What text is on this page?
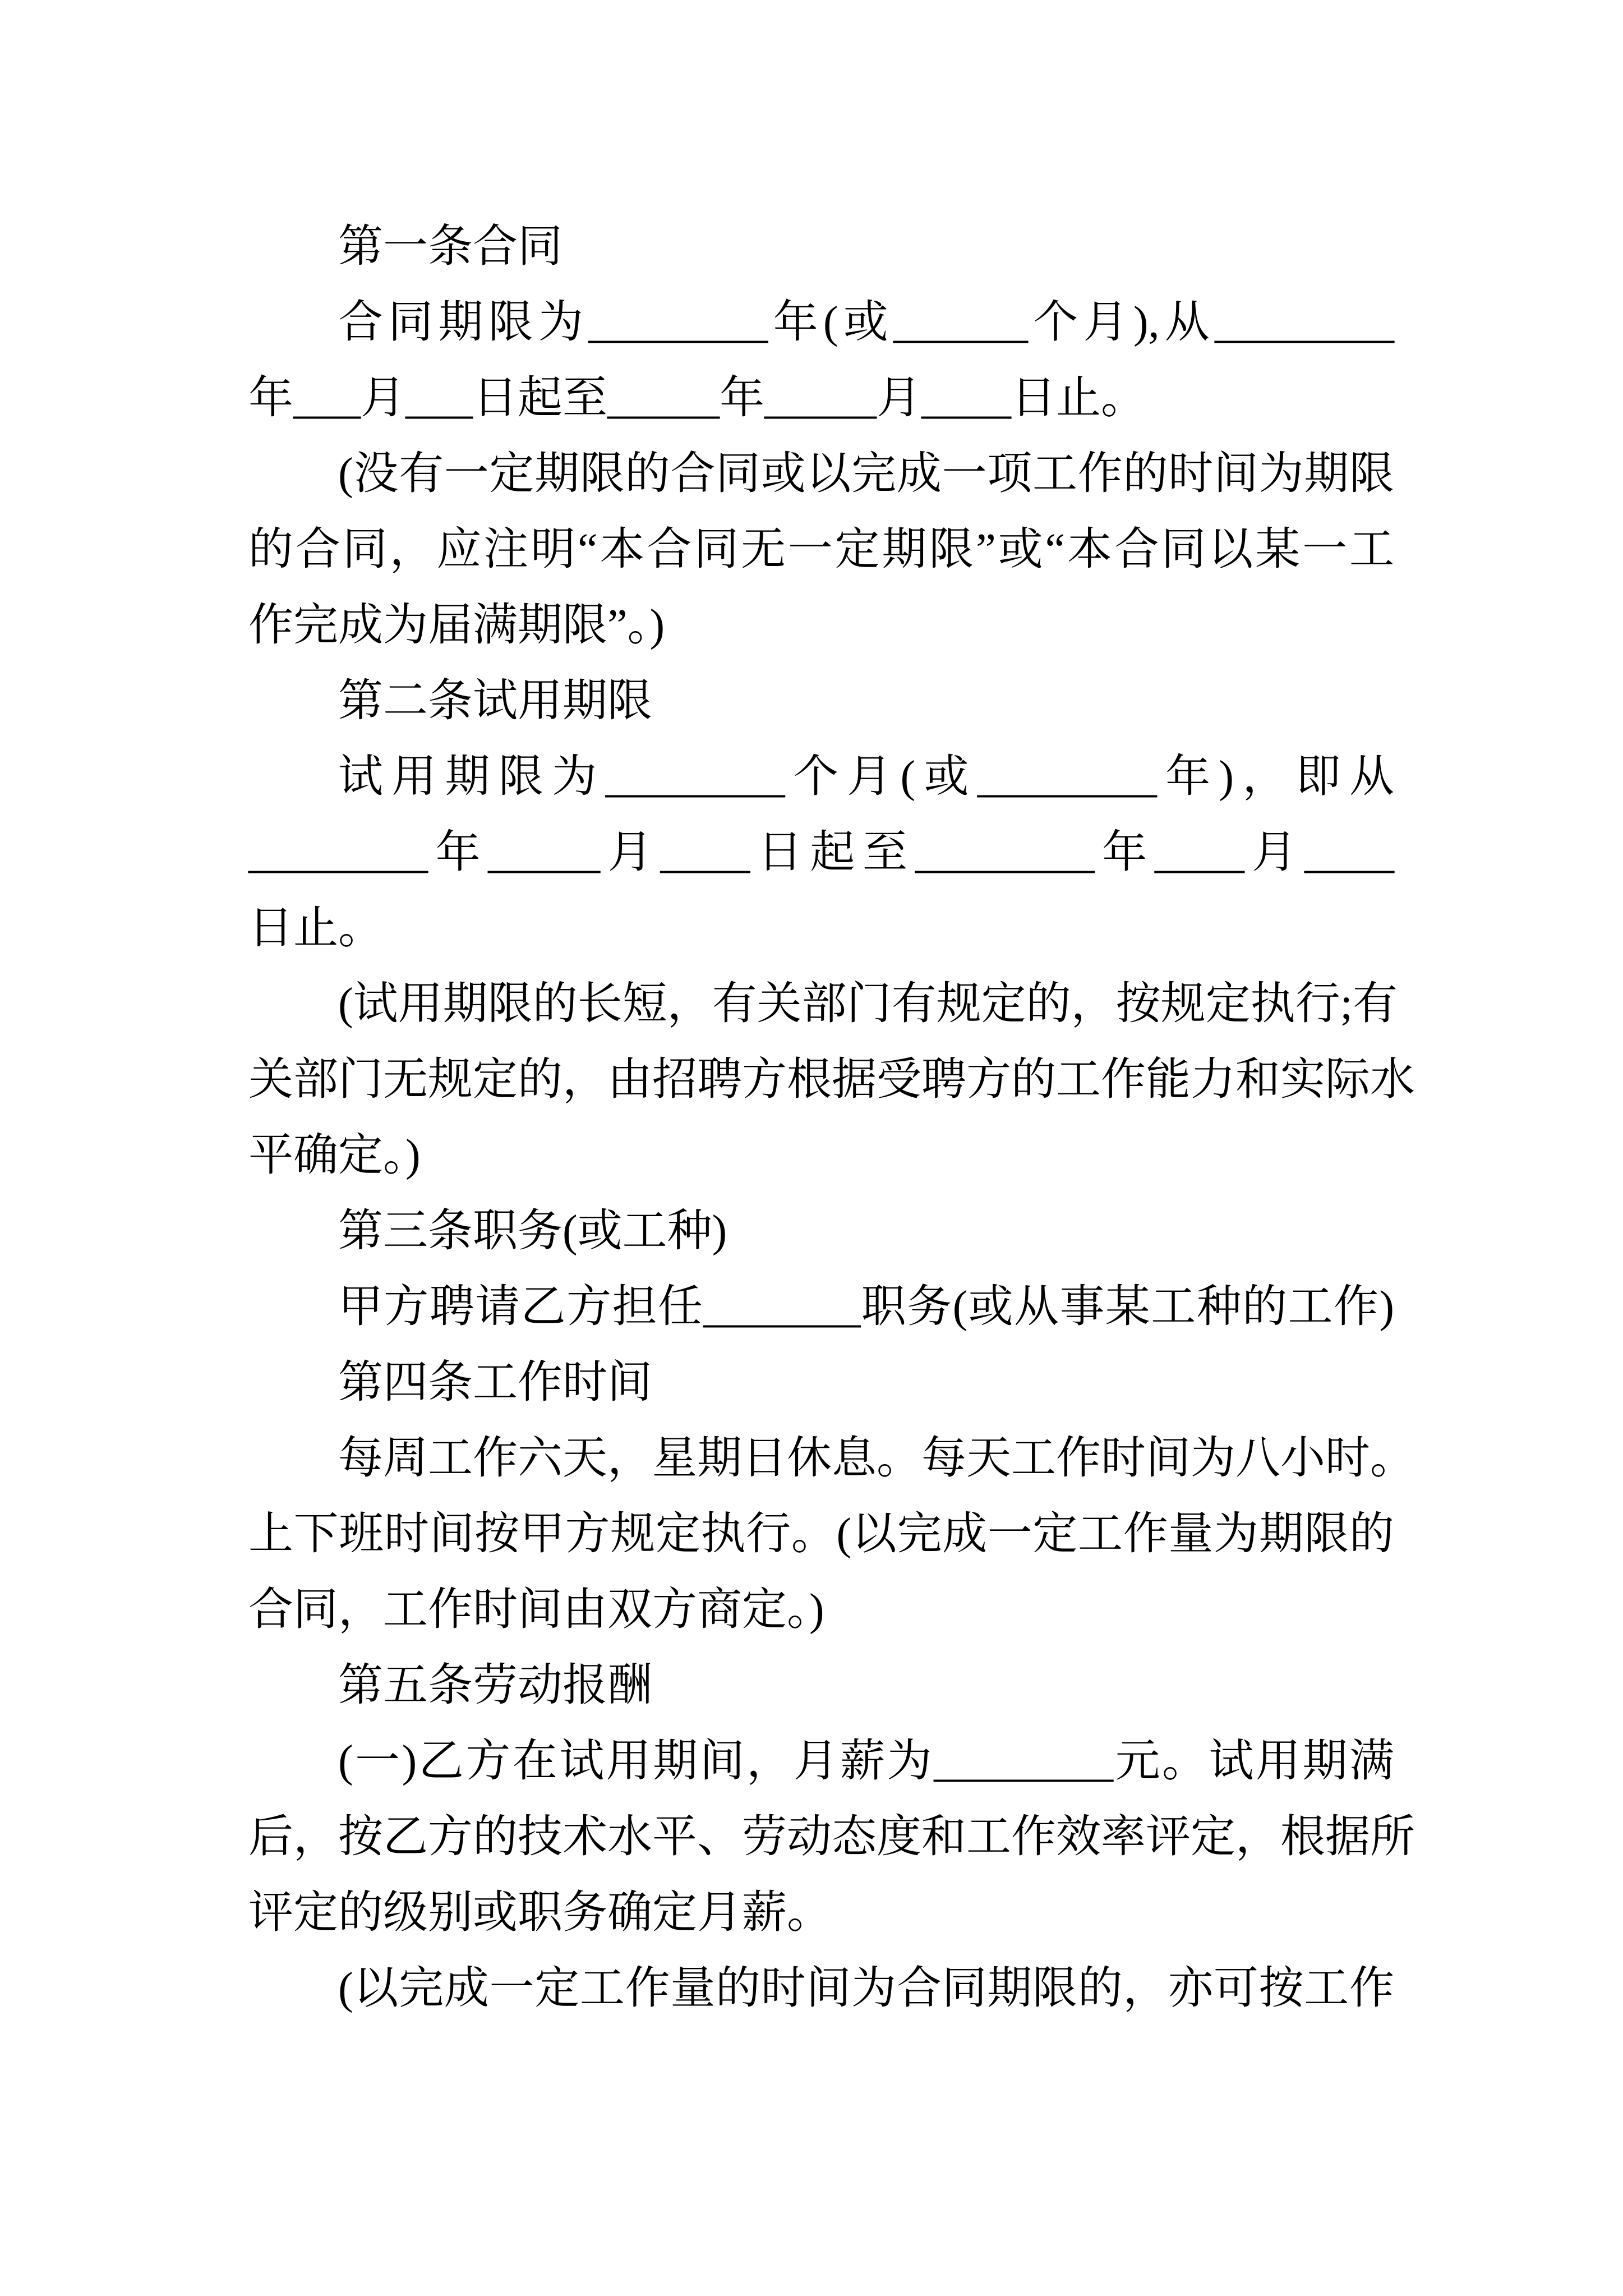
第一条合同

合同期限为________年(或______个月),从________

年___月___日起至_____年_____月____日止。

(没有一定期限的合同或以完成一项工作的时间为期限

的合同，应注明“本合同无一定期限”或“本合同以某一工

作完成为届满期限”。)

第二条试用期限

试用期限为________个月(或________年)，即从

________年_____月____日起至________年____月____

日止。

(试用期限的长短，有关部门有规定的，按规定执行;有

关部门无规定的，由招聘方根据受聘方的工作能力和实际水

平确定。)

第三条职务(或工种)

甲方聘请乙方担任_______职务(或从事某工种的工作)

第四条工作时间

每周工作六天，星期日休息。每天工作时间为八小时。

上下班时间按甲方规定执行。(以完成一定工作量为期限的

合同，工作时间由双方商定。)

第五条劳动报酬

(一)乙方在试用期间，月薪为________元。试用期满

后，按乙方的技术水平、劳动态度和工作效率评定，根据所

评定的级别或职务确定月薪。

(以完成一定工作量的时间为合同期限的，亦可按工作
